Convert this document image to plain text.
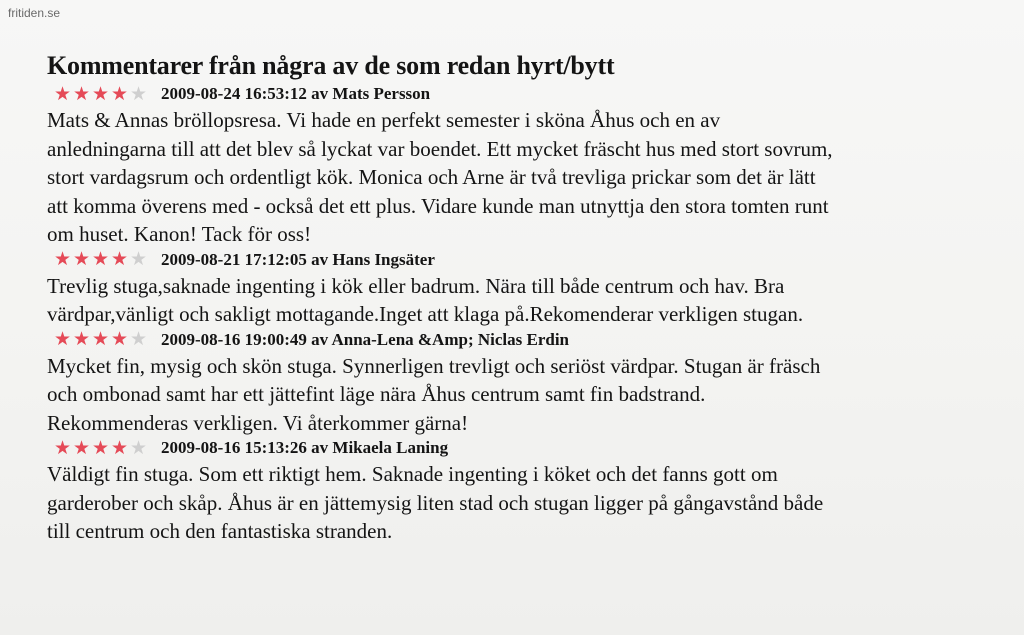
fritiden.se
Kommentarer från några av de som redan hyrt/bytt
★ ★ ★ ★ ★ 2009-08-24 16:53:12 av Mats Persson

Mats & Annas bröllopsresa. Vi hade en perfekt semester i sköna Åhus och en av
anledningarna till att det blev så lyckat var boendet. Ett mycket fräscht hus med stort sovrum,
stort vardagsrum och ordentligt kök. Monica och Arne är två trevliga prickar som det är lätt
att komma överens med - också det ett plus. Vidare kunde man utnyttja den stora tomten runt
om huset. Kanon! Tack för oss!

★ ★ ★ ★ ★ 2009-08-21 17:12:05 av Hans Ingsäter

Trevlig stuga,saknade ingenting i kök eller badrum. Nära till både centrum och hav. Bra
värdpar,vänligt och sakligt mottagande.Inget att klaga på.Rekomenderar verkligen stugan.

★ ★ ★ ★ ★ 2009-08-16 19:00:49 av Anna-Lena &Amp; Niclas Erdin

Mycket fin, mysig och skön stuga. Synnerligen trevligt och seriöst värdpar. Stugan är fräsch
och ombonad samt har ett jättefint läge nära Åhus centrum samt fin badstrand.
Rekommenderas verkligen. Vi återkommer gärna!

★ ★ ★ ★ ★ 2009-08-16 15:13:26 av Mikaela Laning

Väldigt fin stuga. Som ett riktigt hem. Saknade ingenting i köket och det fanns gott om
garderober och skåp. Åhus är en jättemysig liten stad och stugan ligger på gångavstånd både
till centrum och den fantastiska stranden.
